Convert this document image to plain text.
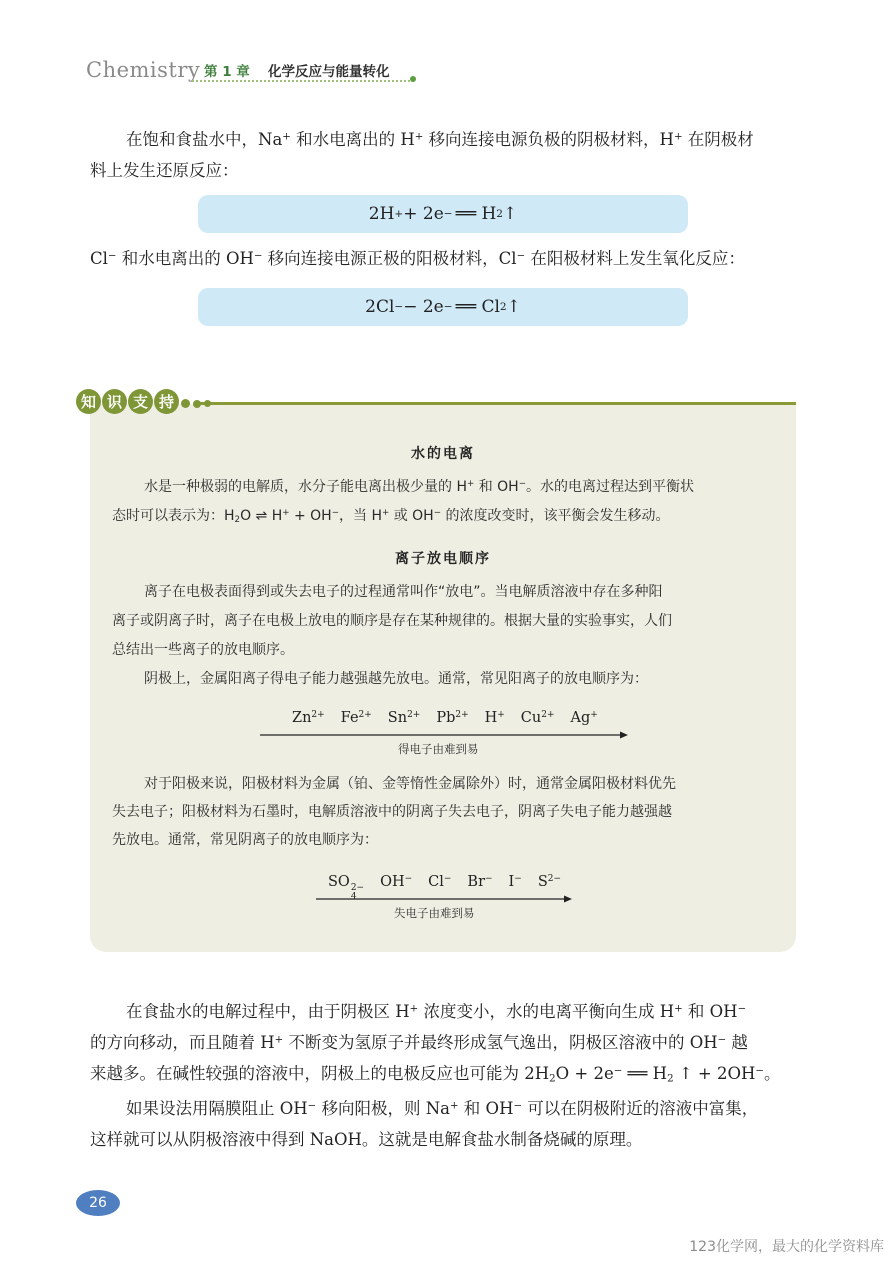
Chemistry 第 1 章 化学反应与能量转化
在饱和食盐水中，Na+ 和水电离出的 H+ 移向连接电源负极的阴极材料，H+ 在阴极材
料上发生还原反应：
2H + + 2e − ══ H 2 ↑
Cl− 和水电离出的 OH− 移向连接电源正极的阳极材料，Cl− 在阳极材料上发生氧化反应：
2Cl − − 2e − ══ Cl 2 ↑
知 识 支 持
水的电离
水是一种极弱的电解质，水分子能电离出极少量的 H+ 和 OH−。水的电离过程达到平衡状
态时可以表示为：$H_2O$ ⇌ H+ + OH−，当 H+ 或 OH− 的浓度改变时，该平衡会发生移动。
离子放电顺序
离子在电极表面得到或失去电子的过程通常叫作“放电”。当电解质溶液中存在多种阳
离子或阴离子时，离子在电极上放电的顺序是存在某种规律的。根据大量的实验事实，人们
总结出一些离子的放电顺序。
阴极上，金属阳离子得电子能力越强越先放电。通常，常见阳离子的放电顺序为：
$Zn^{2+}$ $Fe^{2+}$ $Sn^{2+}$ $Pb^{2+}$ H+ $Cu^{2+}$ Ag+
得电子由难到易
对于阳极来说，阳极材料为金属（铂、金等惰性金属除外）时，通常金属阳极材料优先
失去电子；阳极材料为石墨时，电解质溶液中的阴离子失去电子，阴离子失电子能力越强越
先放电。通常，常见阴离子的放电顺序为：
SO 2−
4
OH− Cl− Br− I− $S^{2-}$
失电子由难到易
在食盐水的电解过程中，由于阴极区 H+ 浓度变小，水的电离平衡向生成 H+ 和 OH−
的方向移动，而且随着 H+ 不断变为氢原子并最终形成氢气逸出，阴极区溶液中的 OH− 越
来越多。在碱性较强的溶液中，阴极上的电极反应也可能为 $2H_2O + 2e^-$ ══ $H_2$ ↑ + 2OH−。
如果设法用隔膜阻止 OH− 移向阳极，则 Na+ 和 OH− 可以在阴极附近的溶液中富集，
这样就可以从阴极溶液中得到 NaOH。这就是电解食盐水制备烧碱的原理。
26
123化学网，最大的化学资料库
